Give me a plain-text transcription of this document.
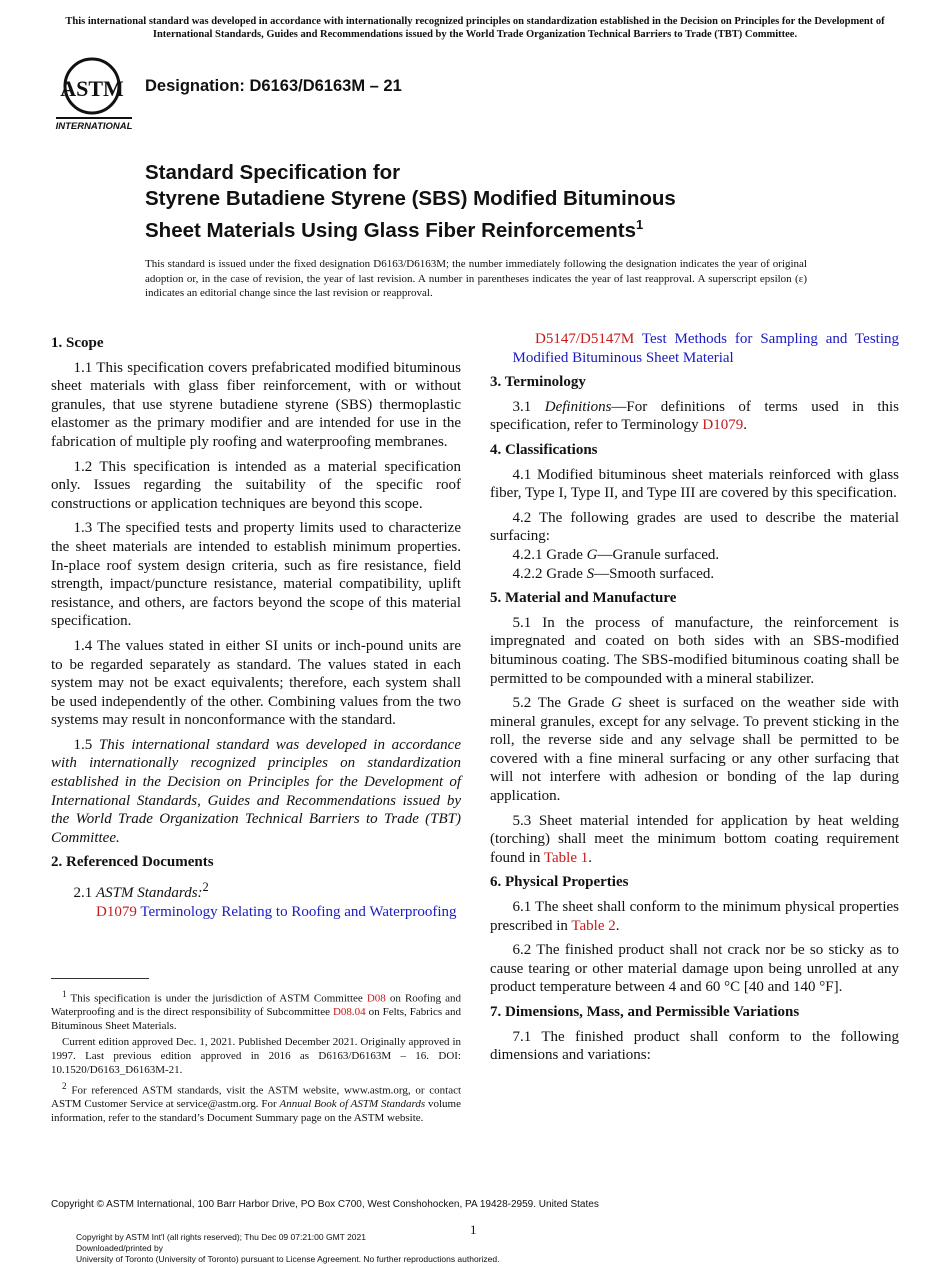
This international standard was developed in accordance with internationally recognized principles on standardization established in the Decision on Principles for the Development of International Standards, Guides and Recommendations issued by the World Trade Organization Technical Barriers to Trade (TBT) Committee.
ASTM
INTERNATIONAL
Designation: D6163/D6163M – 21
Standard Specification for
Styrene Butadiene Styrene (SBS) Modified Bituminous
Sheet Materials Using Glass Fiber Reinforcements$^1$
This standard is issued under the fixed designation D6163/D6163M; the number immediately following the designation indicates the year of original adoption or, in the case of revision, the year of last revision. A number in parentheses indicates the year of last reapproval. A superscript epsilon (ε) indicates an editorial change since the last revision or reapproval.
1. Scope

1.1 This specification covers prefabricated modified bituminous sheet materials with glass fiber reinforcement, with or without granules, that use styrene butadiene styrene (SBS) thermoplastic elastomer as the primary modifier and are intended for use in the fabrication of multiple ply roofing and waterproofing membranes.

1.2 This specification is intended as a material specification only. Issues regarding the suitability of the specific roof constructions or application techniques are beyond this scope.

1.3 The specified tests and property limits used to characterize the sheet materials are intended to establish minimum properties. In-place roof system design criteria, such as fire resistance, field strength, impact/puncture resistance, material compatibility, uplift resistance, and others, are factors beyond the scope of this material specification.

1.4 The values stated in either SI units or inch-pound units are to be regarded separately as standard. The values stated in each system may not be exact equivalents; therefore, each system shall be used independently of the other. Combining values from the two systems may result in nonconformance with the standard.

1.5 This international standard was developed in accordance with internationally recognized principles on standardization established in the Decision on Principles for the Development of International Standards, Guides and Recommendations issued by the World Trade Organization Technical Barriers to Trade (TBT) Committee.

2. Referenced Documents

2.1 ASTM Standards:$^2$

D1079 Terminology Relating to Roofing and Waterproofing

$^1$ This specification is under the jurisdiction of ASTM Committee D08 on Roofing and Waterproofing and is the direct responsibility of Subcommittee D08.04 on Felts, Fabrics and Bituminous Sheet Materials.

Current edition approved Dec. 1, 2021. Published December 2021. Originally approved in 1997. Last previous edition approved in 2016 as D6163/D6163M – 16. DOI: 10.1520/D6163_D6163M-21.

$^2$ For referenced ASTM standards, visit the ASTM website, www.astm.org, or contact ASTM Customer Service at service@astm.org. For Annual Book of ASTM Standards volume information, refer to the standard’s Document Summary page on the ASTM website.

D5147/D5147M Test Methods for Sampling and Testing Modified Bituminous Sheet Material

3. Terminology

3.1 Definitions—For definitions of terms used in this specification, refer to Terminology D1079.

4. Classifications

4.1 Modified bituminous sheet materials reinforced with glass fiber, Type I, Type II, and Type III are covered by this specification.

4.2 The following grades are used to describe the material surfacing:

4.2.1 Grade G—Granule surfaced.

4.2.2 Grade S—Smooth surfaced.

5. Material and Manufacture

5.1 In the process of manufacture, the reinforcement is impregnated and coated on both sides with an SBS-modified bituminous coating. The SBS-modified bituminous coating shall be permitted to be compounded with a mineral stabilizer.

5.2 The Grade G sheet is surfaced on the weather side with mineral granules, except for any selvage. To prevent sticking in the roll, the reverse side and any selvage shall be permitted to be covered with a fine mineral surfacing or any other surfacing that will not interfere with adhesion or bonding of the lap during application.

5.3 Sheet material intended for application by heat welding (torching) shall meet the minimum bottom coating requirement found in Table 1.

6. Physical Properties

6.1 The sheet shall conform to the minimum physical properties prescribed in Table 2.

6.2 The finished product shall not crack nor be so sticky as to cause tearing or other material damage upon being unrolled at any product temperature between 4 and 60 °C [40 and 140 °F].

7. Dimensions, Mass, and Permissible Variations

7.1 The finished product shall conform to the following dimensions and variations:

Copyright © ASTM International, 100 Barr Harbor Drive, PO Box C700, West Conshohocken, PA 19428-2959. United States
1
Copyright by ASTM Int'l (all rights reserved); Thu Dec 09 07:21:00 GMT 2021
Downloaded/printed by
University of Toronto (University of Toronto) pursuant to License Agreement. No further reproductions authorized.
